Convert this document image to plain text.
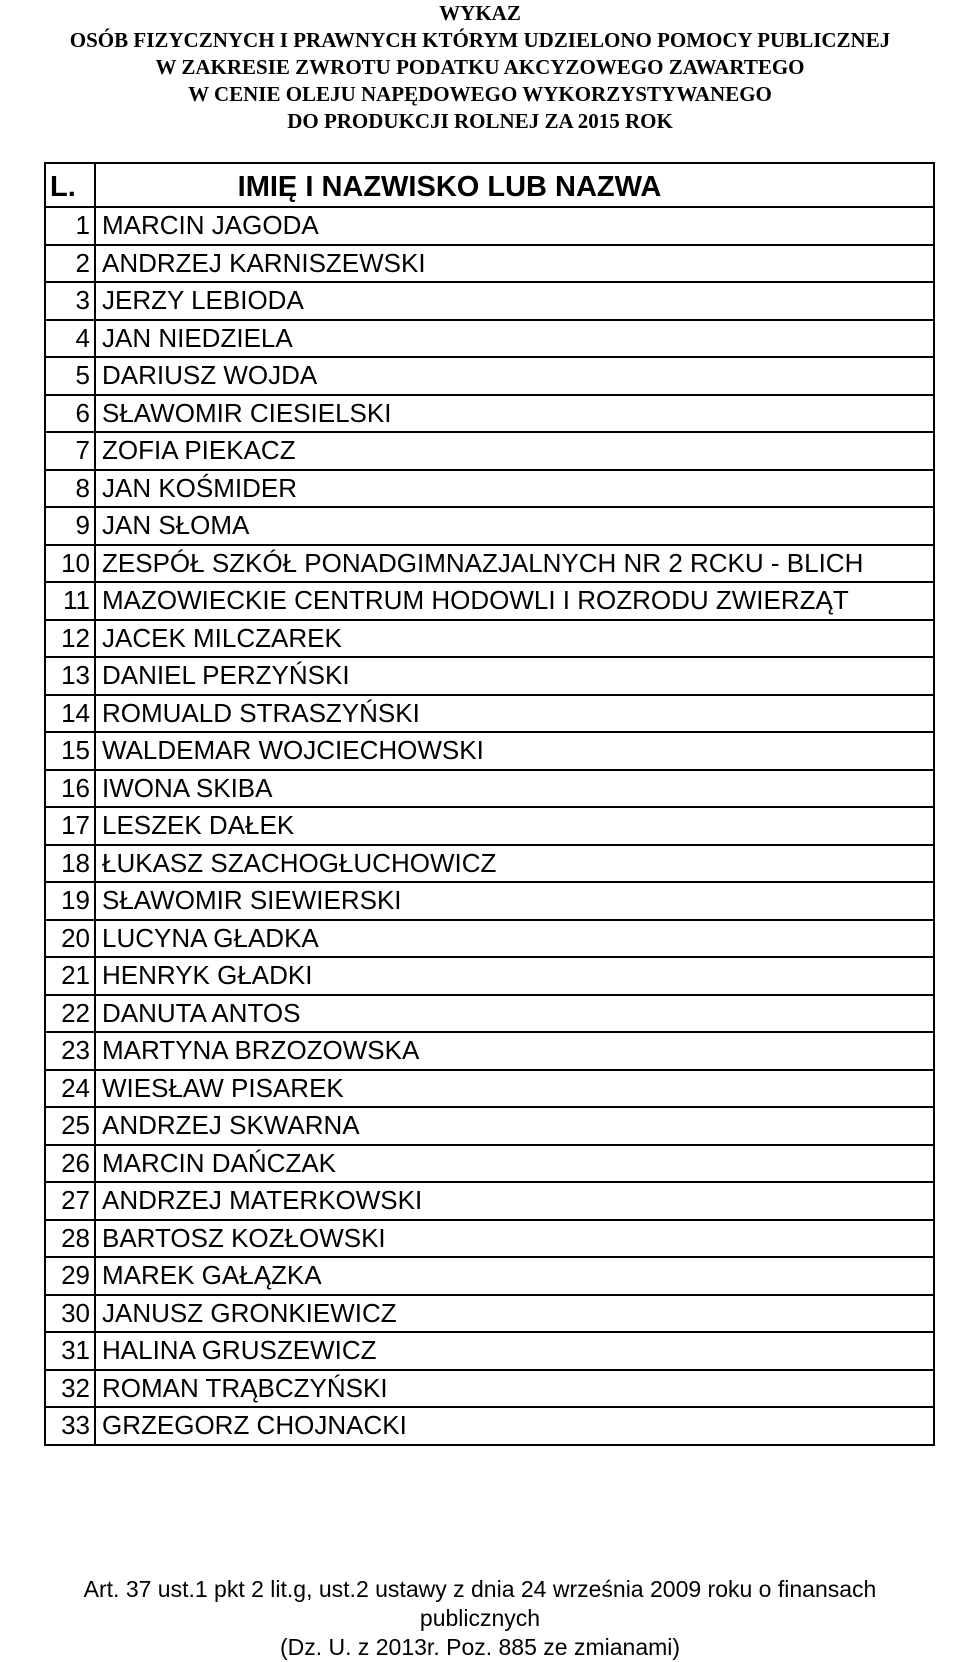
WYKAZ
OSÓB FIZYCZNYCH I PRAWNYCH KTÓRYM UDZIELONO POMOCY PUBLICZNEJ
W ZAKRESIE ZWROTU PODATKU AKCYZOWEGO ZAWARTEGO
W CENIE OLEJU NAPĘDOWEGO WYKORZYSTYWANEGO
DO PRODUKCJI ROLNEJ ZA 2015 ROK
L.	IMIĘ I NAZWISKO LUB NAZWA
1	MARCIN JAGODA
2	ANDRZEJ KARNISZEWSKI
3	JERZY LEBIODA
4	JAN NIEDZIELA
5	DARIUSZ WOJDA
6	SŁAWOMIR CIESIELSKI
7	ZOFIA PIEKACZ
8	JAN KOŚMIDER
9	JAN SŁOMA
10	ZESPÓŁ SZKÓŁ PONADGIMNAZJALNYCH NR 2 RCKU - BLICH
11	MAZOWIECKIE CENTRUM HODOWLI I ROZRODU ZWIERZĄT
12	JACEK MILCZAREK
13	DANIEL PERZYŃSKI
14	ROMUALD STRASZYŃSKI
15	WALDEMAR WOJCIECHOWSKI
16	IWONA SKIBA
17	LESZEK DAŁEK
18	ŁUKASZ SZACHOGŁUCHOWICZ
19	SŁAWOMIR SIEWIERSKI
20	LUCYNA GŁADKA
21	HENRYK GŁADKI
22	DANUTA ANTOS
23	MARTYNA BRZOZOWSKA
24	WIESŁAW PISAREK
25	ANDRZEJ SKWARNA
26	MARCIN DAŃCZAK
27	ANDRZEJ MATERKOWSKI
28	BARTOSZ KOZŁOWSKI
29	MAREK GAŁĄZKA
30	JANUSZ GRONKIEWICZ
31	HALINA GRUSZEWICZ
32	ROMAN TRĄBCZYŃSKI
33	GRZEGORZ CHOJNACKI
Art. 37 ust.1 pkt 2 lit.g, ust.2 ustawy z dnia 24 września 2009 roku o finansach
publicznych
(Dz. U. z 2013r. Poz. 885 ze zmianami)
